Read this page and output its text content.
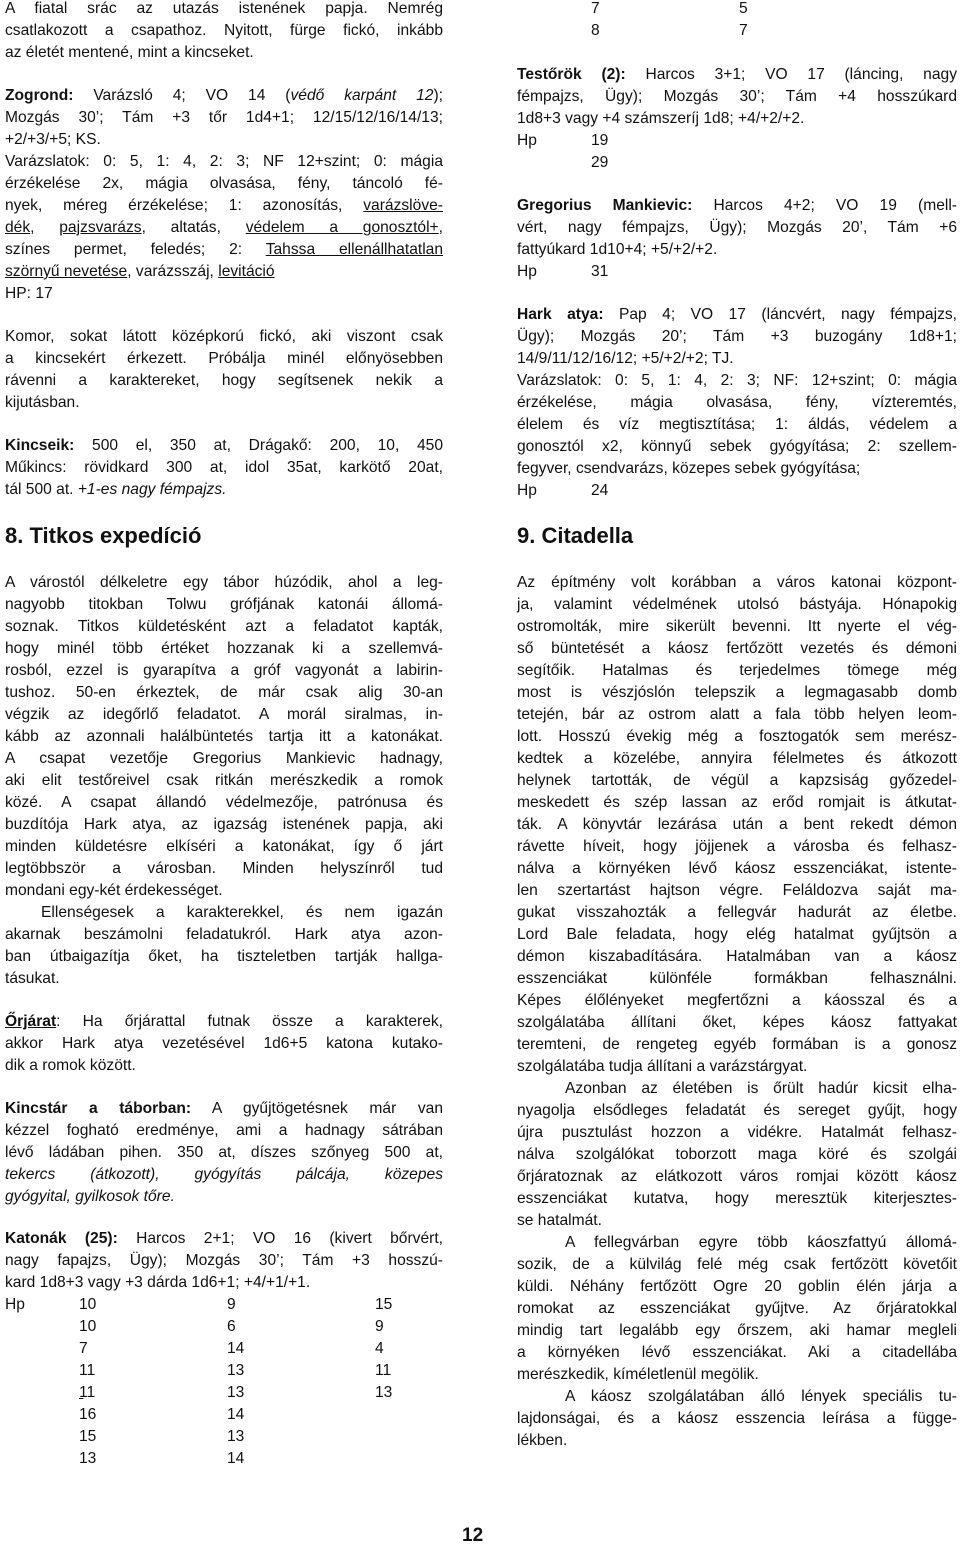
A fiatal srác az utazás istenének papja. Nemrég
csatlakozott a csapathoz. Nyitott, fürge fickó, inkább
az életét mentené, mint a kincseket.
Zogrond: Varázsló 4; VO 14 (védő karpánt 12);
Mozgás 30’; Tám +3 tőr 1d4+1; 12/15/12/16/14/13;
+2/+3/+5; KS.
Varázslatok: 0: 5, 1: 4, 2: 3; NF 12+szint; 0: mágia
érzékelése 2x, mágia olvasása, fény, táncoló fé-
nyek, méreg érzékelése; 1: azonosítás, varázslöve-
dék, pajzsvarázs, altatás, védelem a gonosztól+,
színes permet, feledés; 2: Tahssa ellenállhatatlan
szörnyű nevetése, varázsszáj, levitáció
HP: 17
Komor, sokat látott középkorú fickó, aki viszont csak
a kincsekért érkezett. Próbálja minél előnyösebben
rávenni a karaktereket, hogy segítsenek nekik a
kijutásban.
Kincseik: 500 el, 350 at, Drágakő: 200, 10, 450
Műkincs: rövidkard 300 at, idol 35at, karkötő 20at,
tál 500 at. +1-es nagy fémpajzs.
8. Titkos expedíció
A várostól délkeletre egy tábor húzódik, ahol a leg-
nagyobb titokban Tolwu grófjának katonái állomá-
soznak. Titkos küldetésként azt a feladatot kapták,
hogy minél több értéket hozzanak ki a szellemvá-
rosból, ezzel is gyarapítva a gróf vagyonát a labirin-
tushoz. 50-en érkeztek, de már csak alig 30-an
végzik az idegőrlő feladatot. A morál siralmas, in-
kább az azonnali halálbüntetés tartja itt a katonákat.
A csapat vezetője Gregorius Mankievic hadnagy,
aki elit testőreivel csak ritkán merészkedik a romok
közé. A csapat állandó védelmezője, patrónusa és
buzdítója Hark atya, az igazság istenének papja, aki
minden küldetésre elkíséri a katonákat, így ő járt
legtöbbször a városban. Minden helyszínről tud
mondani egy-két érdekességet.
Ellenségesek a karakterekkel, és nem igazán
akarnak beszámolni feladatukról. Hark atya azon-
ban útbaigazítja őket, ha tiszteletben tartják hallga-
tásukat.
Őrjárat: Ha őrjárattal futnak össze a karakterek,
akkor Hark atya vezetésével 1d6+5 katona kutako-
dik a romok között.
Kincstár a táborban: A gyűjtögetésnek már van
kézzel fogható eredménye, ami a hadnagy sátrában
lévő ládában pihen. 350 at, díszes szőnyeg 500 at,
tekercs (átkozott), gyógyítás pálcája, közepes
gyógyital, gyilkosok tőre.
Katonák (25): Harcos 2+1; VO 16 (kivert bőrvért,
nagy fapajzs, Ügy); Mozgás 30’; Tám +3 hosszú-
kard 1d8+3 vagy +3 dárda 1d6+1; +4/+1/+1.
Hp	10	9	15
10	6	9
7	14	4
11	13	11
11	13	13

16	14
15	13
13	14
7	5
8	7
Testőrök (2): Harcos 3+1; VO 17 (láncing, nagy
fémpajzs, Ügy); Mozgás 30’; Tám +4 hosszúkard
1d8+3 vagy +4 számszeríj 1d8; +4/+2/+2.
Hp	19
29
Gregorius Mankievic: Harcos 4+2; VO 19 (mell-
vért, nagy fémpajzs, Ügy); Mozgás 20’, Tám +6
fattyúkard 1d10+4; +5/+2/+2.
Hp	31
Hark atya: Pap 4; VO 17 (láncvért, nagy fémpajzs,
Ügy); Mozgás 20’; Tám +3 buzogány 1d8+1;
14/9/11/12/16/12; +5/+2/+2; TJ.
Varázslatok: 0: 5, 1: 4, 2: 3; NF: 12+szint; 0: mágia
érzékelése, mágia olvasása, fény, vízteremtés,
élelem és víz megtisztítása; 1: áldás, védelem a
gonosztól x2, könnyű sebek gyógyítása; 2: szellem-
fegyver, csendvarázs, közepes sebek gyógyítása;
Hp	24
9. Citadella
Az építmény volt korábban a város katonai központ-
ja, valamint védelmének utolsó bástyája. Hónapokig
ostromolták, mire sikerült bevenni. Itt nyerte el vég-
ső büntetését a káosz fertőzött vezetés és démoni
segítőik. Hatalmas és terjedelmes tömege még
most is vészjóslón telepszik a legmagasabb domb
tetején, bár az ostrom alatt a fala több helyen leom-
lott. Hosszú évekig még a fosztogatók sem merész-
kedtek a közelébe, annyira félelmetes és átkozott
helynek tartották, de végül a kapzsiság győzedel-
meskedett és szép lassan az erőd romjait is átkutat-
ták. A könyvtár lezárása után a bent rekedt démon
rávette híveit, hogy jöjjenek a városba és felhasz-
nálva a környéken lévő káosz esszenciákat, istente-
len szertartást hajtson végre. Feláldozva saját ma-
gukat visszahozták a fellegvár hadurát az életbe.
Lord Bale feladata, hogy elég hatalmat gyűjtsön a
démon kiszabadítására. Hatalmában van a káosz
esszenciákat különféle formákban felhasználni.
Képes élőlényeket megfertőzni a káosszal és a
szolgálatába állítani őket, képes káosz fattyakat
teremteni, de rengeteg egyéb formában is a gonosz
szolgálatába tudja állítani a varázstárgyat.
Azonban az életében is őrült hadúr kicsit elha-
nyagolja elsődleges feladatát és sereget gyűjt, hogy
újra pusztulást hozzon a vidékre. Hatalmát felhasz-
nálva szolgálókat toborzott maga köré és szolgái
őrjáratoznak az elátkozott város romjai között káosz
esszenciákat kutatva, hogy meresztük kiterjesztes-
se hatalmát.
A fellegvárban egyre több káoszfattyú állomá-
sozik, de a külvilág felé még csak fertőzött követőit
küldi. Néhány fertőzött Ogre 20 goblin élén járja a
romokat az esszenciákat gyűjtve. Az őrjáratokkal
mindig tart legalább egy őrszem, aki hamar megleli
a környéken lévő esszenciákat. Aki a citadellába
merészkedik, kíméletlenül megölik.
A káosz szolgálatában álló lények speciális tu-
lajdonságai, és a káosz esszencia leírása a függe-
lékben.
12
